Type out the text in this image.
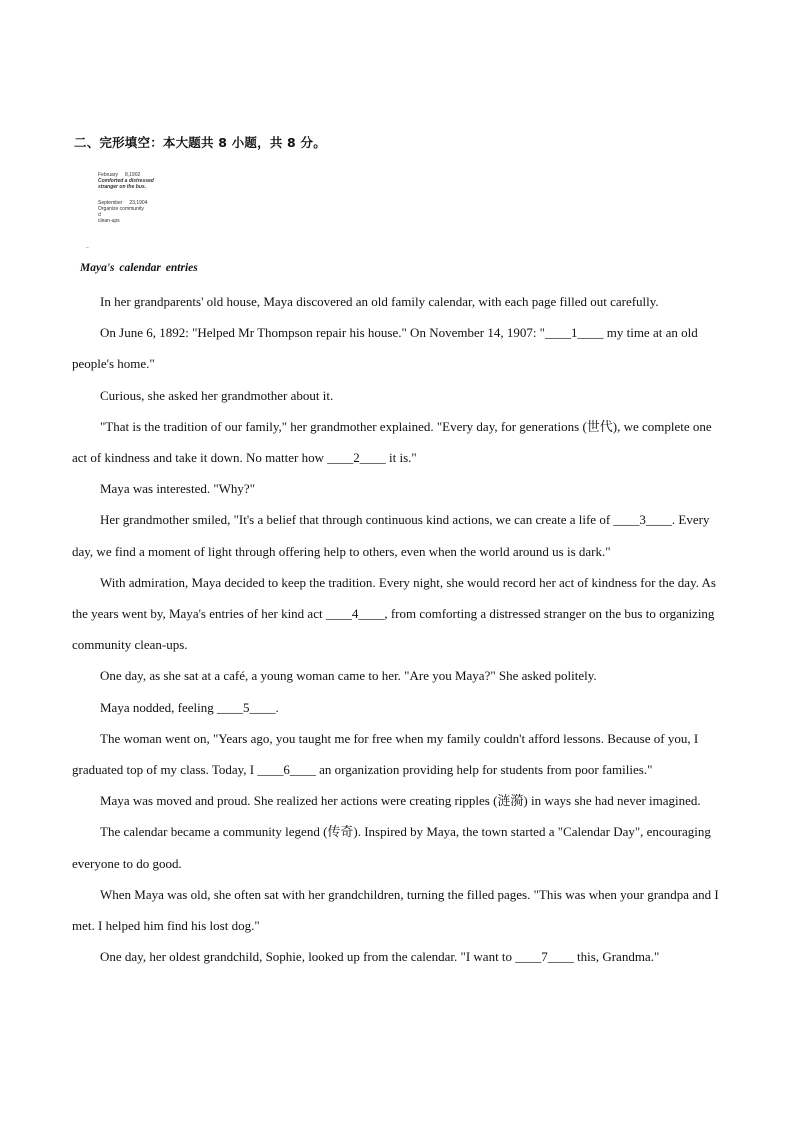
二、完形填空：本大题共 8 小题，共 8 分。
February 8,1902
Comforted a distressed
stranger on the bus.
September 23,1904
Organize community
d
clean-ups
~

Maya's calendar entries

In her grandparents' old house, Maya discovered an old family calendar, with each page filled out carefully.

On June 6, 1892: "Helped Mr Thompson repair his house." On November 14, 1907: "____1____ my time at an old people's home."

Curious, she asked her grandmother about it.

"That is the tradition of our family," her grandmother explained. "Every day, for generations (世代), we complete one act of kindness and take it down. No matter how ____2____ it is."

Maya was interested. "Why?"

Her grandmother smiled, "It's a belief that through continuous kind actions, we can create a life of ____3____. Every day, we find a moment of light through offering help to others, even when the world around us is dark."

With admiration, Maya decided to keep the tradition. Every night, she would record her act of kindness for the day. As the years went by, Maya's entries of her kind act ____4____, from comforting a distressed stranger on the bus to organizing community clean-ups.

One day, as she sat at a café, a young woman came to her. "Are you Maya?" She asked politely.

Maya nodded, feeling ____5____.

The woman went on, "Years ago, you taught me for free when my family couldn't afford lessons. Because of you, I graduated top of my class. Today, I ____6____ an organization providing help for students from poor families."

Maya was moved and proud. She realized her actions were creating ripples (涟漪) in ways she had never imagined.

The calendar became a community legend (传奇). Inspired by Maya, the town started a "Calendar Day", encouraging everyone to do good.

When Maya was old, she often sat with her grandchildren, turning the filled pages. "This was when your grandpa and I met. I helped him find his lost dog."

One day, her oldest grandchild, Sophie, looked up from the calendar. "I want to ____7____ this, Grandma."
